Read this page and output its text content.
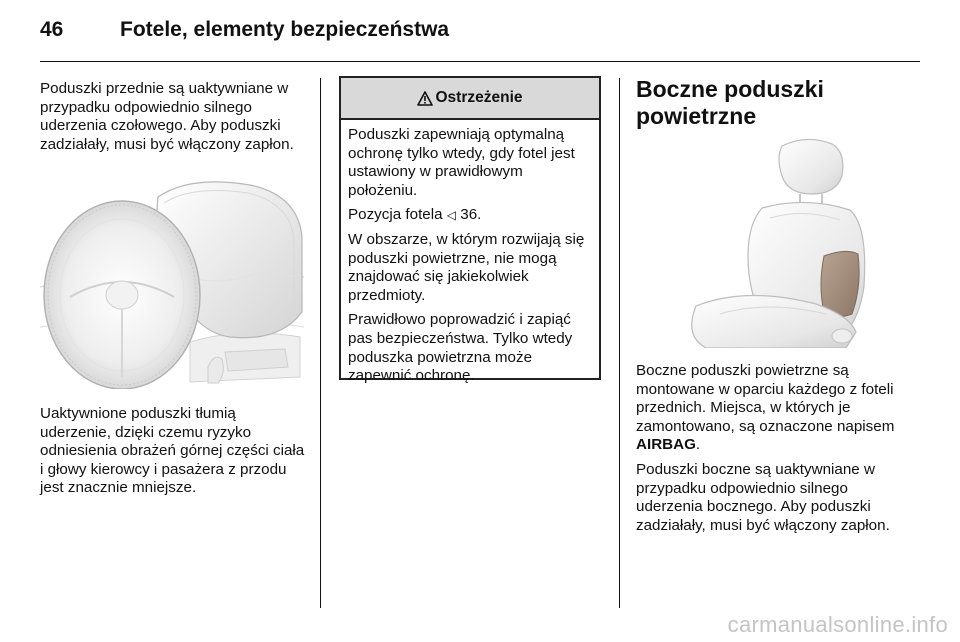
46	Fotele, elementy bezpieczeństwa

Poduszki przednie są uaktywniane w przypadku odpowiednio silnego uderzenia czołowego. Aby poduszki zadziałały, musi być włączony zapłon.

Uaktywnione poduszki tłumią uderzenie, dzięki czemu ryzyko odniesienia obrażeń górnej części ciała i głowy kierowcy i pasażera z przodu jest znacznie mniejsze.

Ostrzeżenie

Poduszki zapewniają optymalną ochronę tylko wtedy, gdy fotel jest ustawiony w prawidłowym położeniu.

Pozycja fotela ◁ 36.

W obszarze, w którym rozwijają się poduszki powietrzne, nie mogą znajdować się jakiekolwiek przedmioty.

Prawidłowo poprowadzić i zapiąć pas bezpieczeństwa. Tylko wtedy poduszka powietrzna może zapewnić ochronę.

Boczne poduszki powietrzne

Boczne poduszki powietrzne są montowane w oparciu każdego z foteli przednich. Miejsca, w których je zamontowano, są oznaczone napisem AIRBAG.

Poduszki boczne są uaktywniane w przypadku odpowiednio silnego uderzenia bocznego. Aby poduszki zadziałały, musi być włączony zapłon.

carmanualsonline.info
